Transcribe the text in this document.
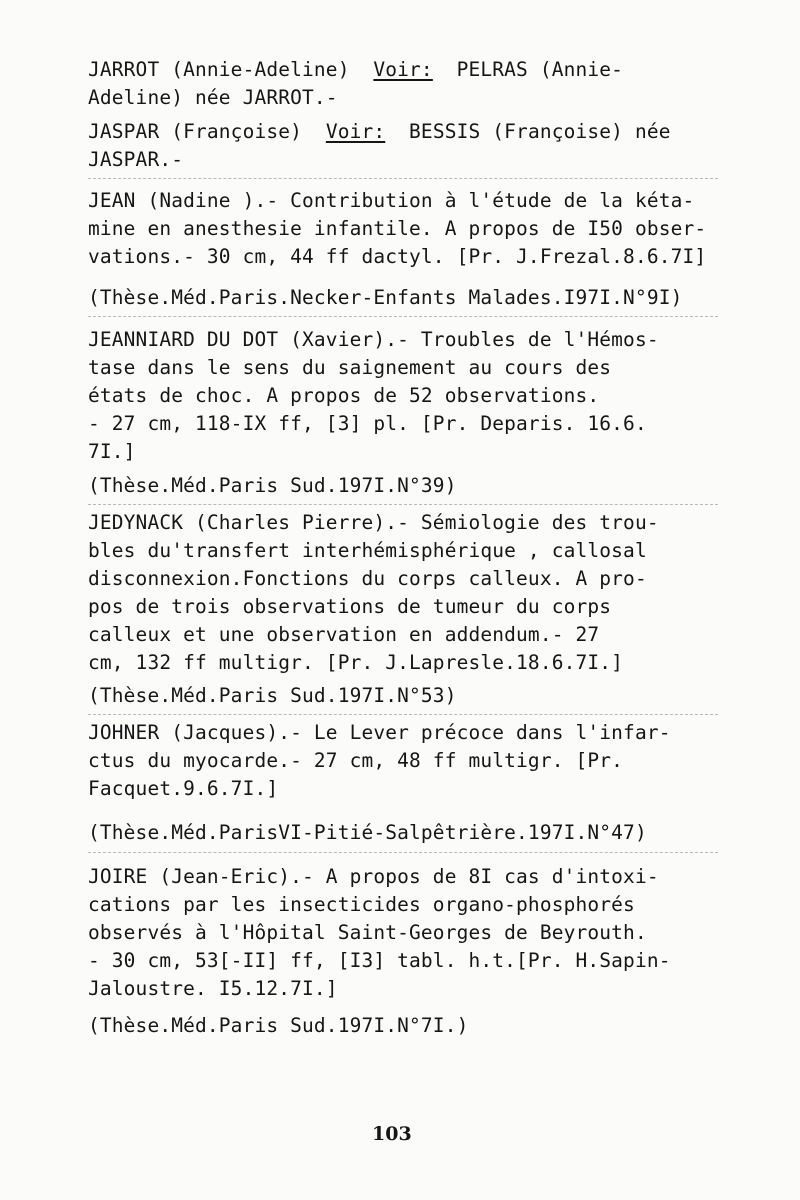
JARROT (Annie-Adeline)  Voir:  PELRAS (Annie-

Adeline) née JARROT.-

JASPAR (Françoise)  Voir:  BESSIS (Françoise) née

JASPAR.-

JEAN (Nadine ).- Contribution à l'étude de la kéta-

mine en anesthesie infantile. A propos de I50 obser-

vations.- 30 cm, 44 ff dactyl. [Pr. J.Frezal.8.6.7I]

(Thèse.Méd.Paris.Necker-Enfants Malades.I97I.N°9I)

JEANNIARD DU DOT (Xavier).- Troubles de l'Hémos-

tase dans le sens du saignement au cours des

états de choc. A propos de 52 observations.

- 27 cm, 118-IX ff, [3] pl. [Pr. Deparis. 16.6.

7I.]

(Thèse.Méd.Paris Sud.197I.N°39)

JEDYNACK (Charles Pierre).- Sémiologie des trou-

bles du'transfert interhémisphérique , callosal

disconnexion.Fonctions du corps calleux. A pro-

pos de trois observations de tumeur du corps

calleux et une observation en addendum.- 27

cm, 132 ff multigr. [Pr. J.Lapresle.18.6.7I.]

(Thèse.Méd.Paris Sud.197I.N°53)

JOHNER (Jacques).- Le Lever précoce dans l'infar-

ctus du myocarde.- 27 cm, 48 ff multigr. [Pr.

Facquet.9.6.7I.]

(Thèse.Méd.ParisVI-Pitié-Salpêtrière.197I.N°47)

JOIRE (Jean-Eric).- A propos de 8I cas d'intoxi-

cations par les insecticides organo-phosphorés

observés à l'Hôpital Saint-Georges de Beyrouth.

- 30 cm, 53[-II] ff, [I3] tabl. h.t.[Pr. H.Sapin-

Jaloustre. I5.12.7I.]

(Thèse.Méd.Paris Sud.197I.N°7I.)

103
